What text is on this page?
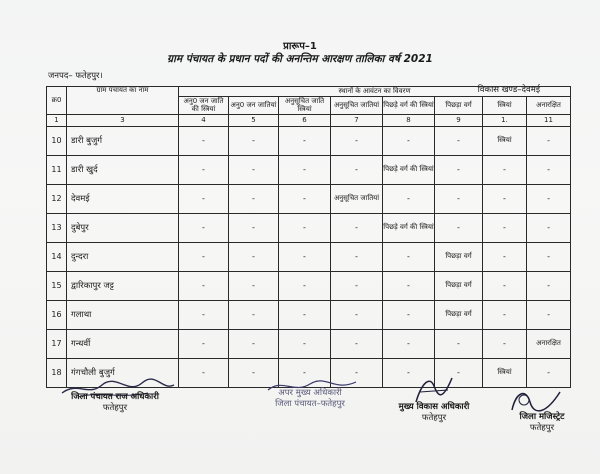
प्रारूप–1
ग्राम पंचायत के प्रधान पदों की अनन्तिम आरक्षण तालिका वर्ष 2021
जनपद– फतेहपुर।
विकास खण्ड–देवमई
क्र0	ग्राम पंचायत का नाम	स्थानों के आवंटन का विवरण							
		अनु0 जन जाति की स्त्रियां	अनु0 जन जातियां	अनुसूचित जाति स्त्रियां	अनुसूचित जातियां	पिछड़े वर्ग की स्त्रियां	पिछड़ा वर्ग	स्त्रियां	अनारक्षित
1	3	4	5	6	7	8	9	1.	11
10	डारी बुजुर्ग	-	-	-	-	-	-	स्त्रियां	-
11	डारी खुर्द	-	-	-	-	पिछड़े वर्ग की स्त्रियां	-	-	-
12	देवमई	-	-	-	अनुसूचित जातियां	-	-	-	-
13	दुबेपुर	-	-	-	-	पिछड़े वर्ग की स्त्रियां	-	-	-
14	दुन्दरा	-	-	-	-	-	पिछड़ा वर्ग	-	-
15	द्वारिकापुर जट्ट	-	-	-	-	-	पिछड़ा वर्ग	-	-
16	गलाथा	-	-	-	-	-	पिछड़ा वर्ग	-	-
17	गन्धर्वी	-	-	-	-	-	-	-	अनारक्षित
18	गंगचौली बुजुर्ग	-	-	-	-	-	-	स्त्रियां	-
जिला पंचायत राज अधिकारी
फतेहपुर
अपर मुख्य अधिकारी
जिला पंचायत–फतेहपुर	मुख्य विकास अधिकारी
फतेहपुर	जिला मजिस्ट्रेट
फतेहपुर
